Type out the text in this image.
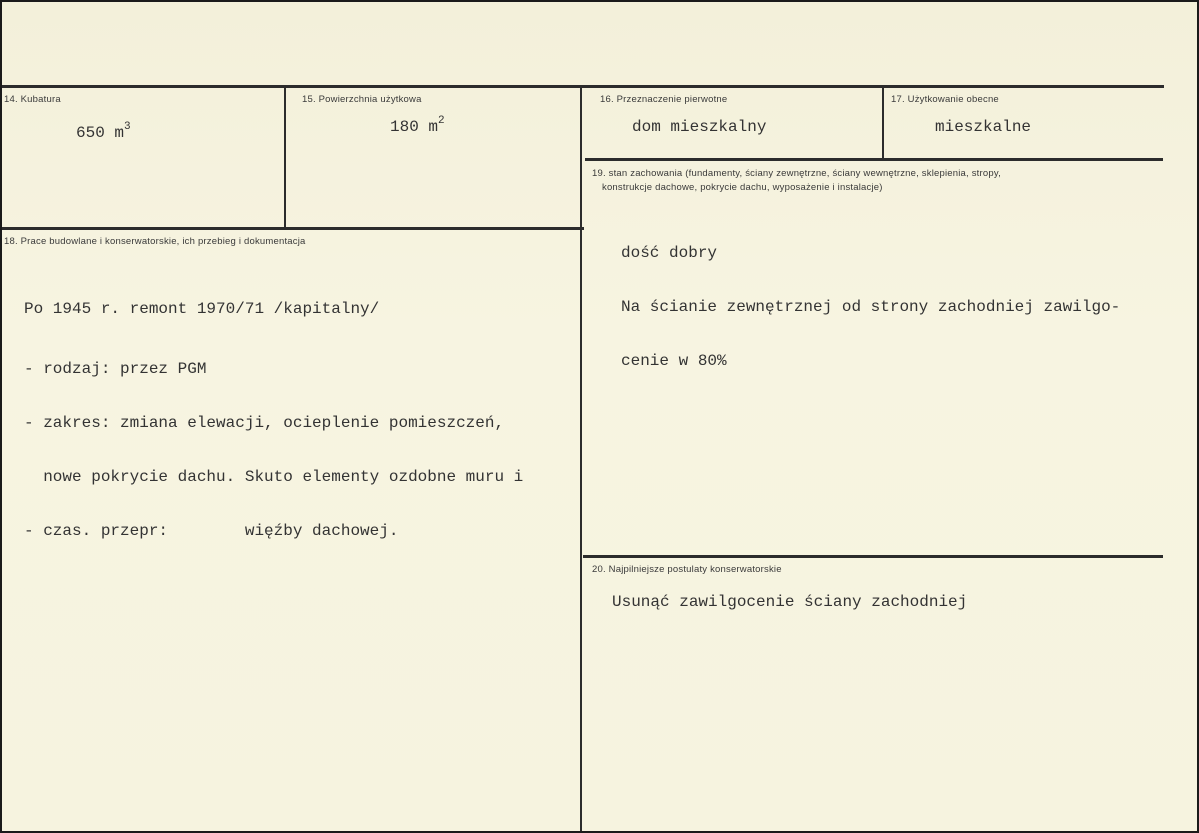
14. Kubatura
650 $m^3$
15. Powierzchnia użytkowa
180 $m^2$
16. Przeznaczenie pierwotne
dom mieszkalny
17. Użytkowanie obecne
mieszkalne
19. stan zachowania (fundamenty, ściany zewnętrzne, ściany wewnętrzne, sklepienia, stropy,
konstrukcje dachowe, pokrycie dachu, wyposażenie i instalacje)

dość dobry

Na ścianie zewnętrznej od strony zachodniej zawilgo-

cenie w 80%

18. Prace budowlane i konserwatorskie, ich przebieg i dokumentacja

Po 1945 r. remont 1970/71 /kapitalny/

- rodzaj: przez PGM

- zakres: zmiana elewacji, ocieplenie pomieszczeń,

nowe pokrycie dachu. Skuto elementy ozdobne muru i

- czas. przepr:        więźby dachowej.

20. Najpilniejsze postulaty konserwatorskie
Usunąć zawilgocenie ściany zachodniej
